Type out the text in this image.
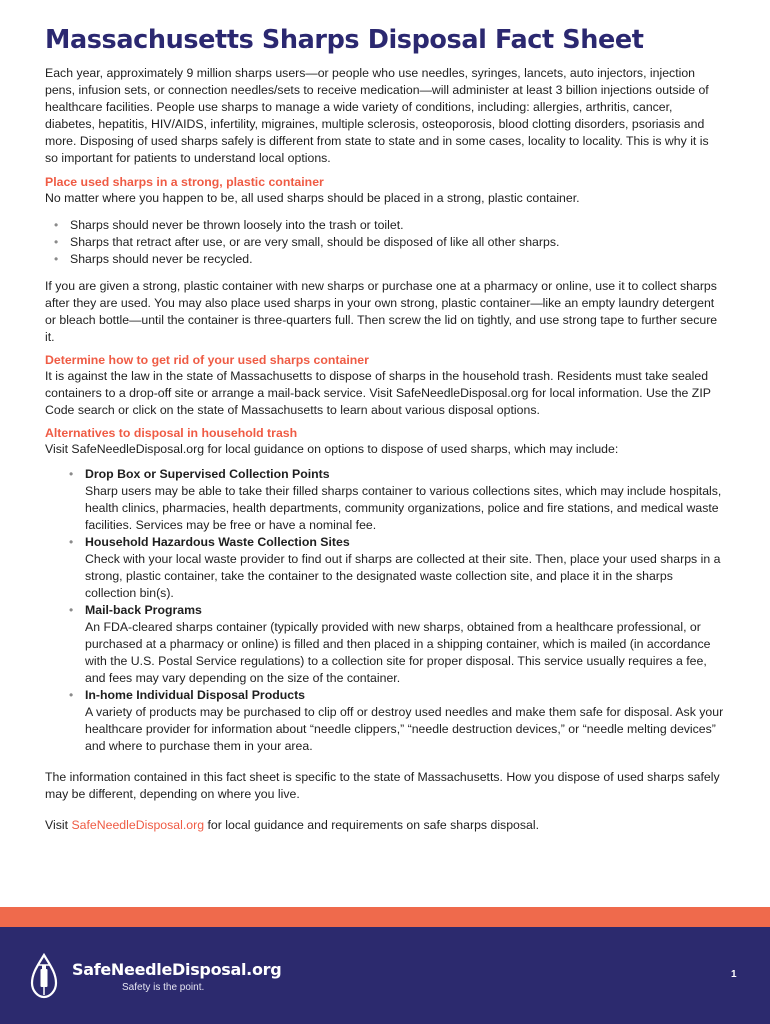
Massachusetts Sharps Disposal Fact Sheet

Each year, approximately 9 million sharps users—or people who use needles, syringes, lancets, auto injectors, injection pens, infusion sets, or connection needles/sets to receive medication—will administer at least 3 billion injections outside of healthcare facilities. People use sharps to manage a wide variety of conditions, including: allergies, arthritis, cancer, diabetes, hepatitis, HIV/AIDS, infertility, migraines, multiple sclerosis, osteoporosis, blood clotting disorders, psoriasis and more. Disposing of used sharps safely is different from state to state and in some cases, locality to locality. This is why it is so important for patients to understand local options.

Place used sharps in a strong, plastic container

No matter where you happen to be, all used sharps should be placed in a strong, plastic container.

• Sharps should never be thrown loosely into the trash or toilet.
• Sharps that retract after use, or are very small, should be disposed of like all other sharps.
• Sharps should never be recycled.

If you are given a strong, plastic container with new sharps or purchase one at a pharmacy or online, use it to collect sharps after they are used. You may also place used sharps in your own strong, plastic container—like an empty laundry detergent or bleach bottle—until the container is three-quarters full. Then screw the lid on tightly, and use strong tape to further secure it.

Determine how to get rid of your used sharps container

It is against the law in the state of Massachusetts to dispose of sharps in the household trash. Residents must take sealed containers to a drop-off site or arrange a mail-back service. Visit SafeNeedleDisposal.org for local information. Use the ZIP Code search or click on the state of Massachusetts to learn about various disposal options.

Alternatives to disposal in household trash

Visit SafeNeedleDisposal.org for local guidance on options to dispose of used sharps, which may include:

• Drop Box or Supervised Collection Points
Sharp users may be able to take their filled sharps container to various collections sites, which may include hospitals, health clinics, pharmacies, health departments, community organizations, police and fire stations, and medical waste facilities. Services may be free or have a nominal fee.
• Household Hazardous Waste Collection Sites
Check with your local waste provider to find out if sharps are collected at their site. Then, place your used sharps in a strong, plastic container, take the container to the designated waste collection site, and place it in the sharps collection bin(s).
• Mail-back Programs
An FDA-cleared sharps container (typically provided with new sharps, obtained from a healthcare professional, or purchased at a pharmacy or online) is filled and then placed in a shipping container, which is mailed (in accordance with the U.S. Postal Service regulations) to a collection site for proper disposal. This service usually requires a fee, and fees may vary depending on the size of the container.
• In-home Individual Disposal Products
A variety of products may be purchased to clip off or destroy used needles and make them safe for disposal. Ask your healthcare provider for information about “needle clippers,” “needle destruction devices,” or “needle melting devices” and where to purchase them in your area.

The information contained in this fact sheet is specific to the state of Massachusetts. How you dispose of used sharps safely may be different, depending on where you live.

Visit SafeNeedleDisposal.org for local guidance and requirements on safe sharps disposal.

SafeNeedleDisposal.org
Safety is the point.
1
